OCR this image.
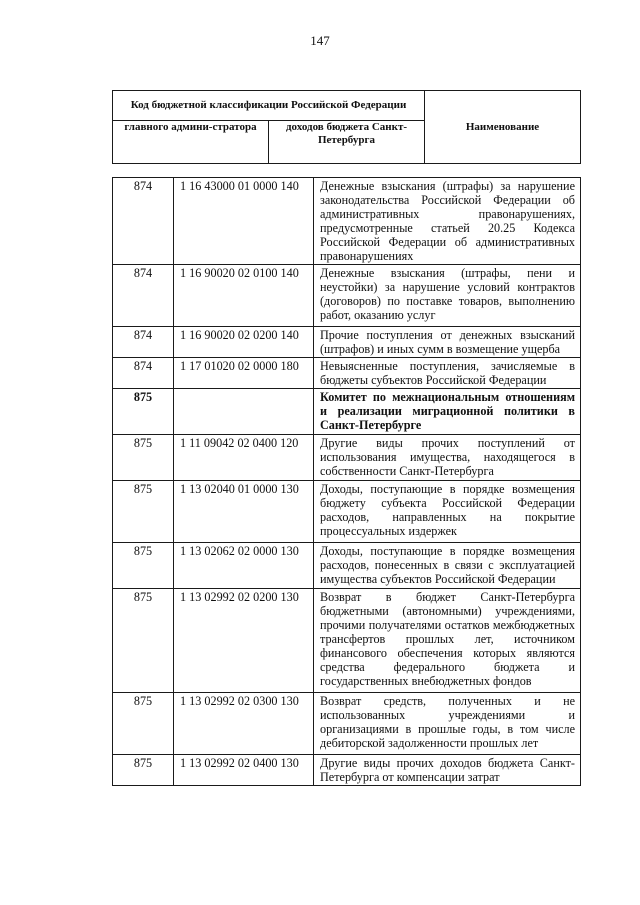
147
Код бюджетной классификации Российской Федерации		Наименование
главного админи-стратора	доходов бюджета Санкт-Петербурга	
874	1 16 43000 01 0000 140	Денежные взыскания (штрафы) за нарушение законодательства Российской Федерации об административных правонарушениях, предусмотренные статьей 20.25 Кодекса Российской Федерации об административных правонарушениях
874	1 16 90020 02 0100 140	Денежные взыскания (штрафы, пени и неустойки) за нарушение условий контрактов (договоров) по поставке товаров, выполнению работ, оказанию услуг
874	1 16 90020 02 0200 140	Прочие поступления от денежных взысканий (штрафов) и иных сумм в возмещение ущерба
874	1 17 01020 02 0000 180	Невыясненные поступления, зачисляемые в бюджеты субъектов Российской Федерации
875		Комитет по межнациональным отношениям и реализации миграционной политики в Санкт-Петербурге
875	1 11 09042 02 0400 120	Другие виды прочих поступлений от использования имущества, находящегося в собственности Санкт-Петербурга
875	1 13 02040 01 0000 130	Доходы, поступающие в порядке возмещения бюджету субъекта Российской Федерации расходов, направленных на покрытие процессуальных издержек
875	1 13 02062 02 0000 130	Доходы, поступающие в порядке возмещения расходов, понесенных в связи с эксплуатацией имущества субъектов Российской Федерации
875	1 13 02992 02 0200 130	Возврат в бюджет Санкт-Петербурга бюджетными (автономными) учреждениями, прочими получателями остатков межбюджетных трансфертов прошлых лет, источником финансового обеспечения которых являются средства федерального бюджета и государственных внебюджетных фондов
875	1 13 02992 02 0300 130	Возврат средств, полученных и не использованных учреждениями и организациями в прошлые годы, в том числе дебиторской задолженности прошлых лет
875	1 13 02992 02 0400 130	Другие виды прочих доходов бюджета Санкт-Петербурга от компенсации затрат
